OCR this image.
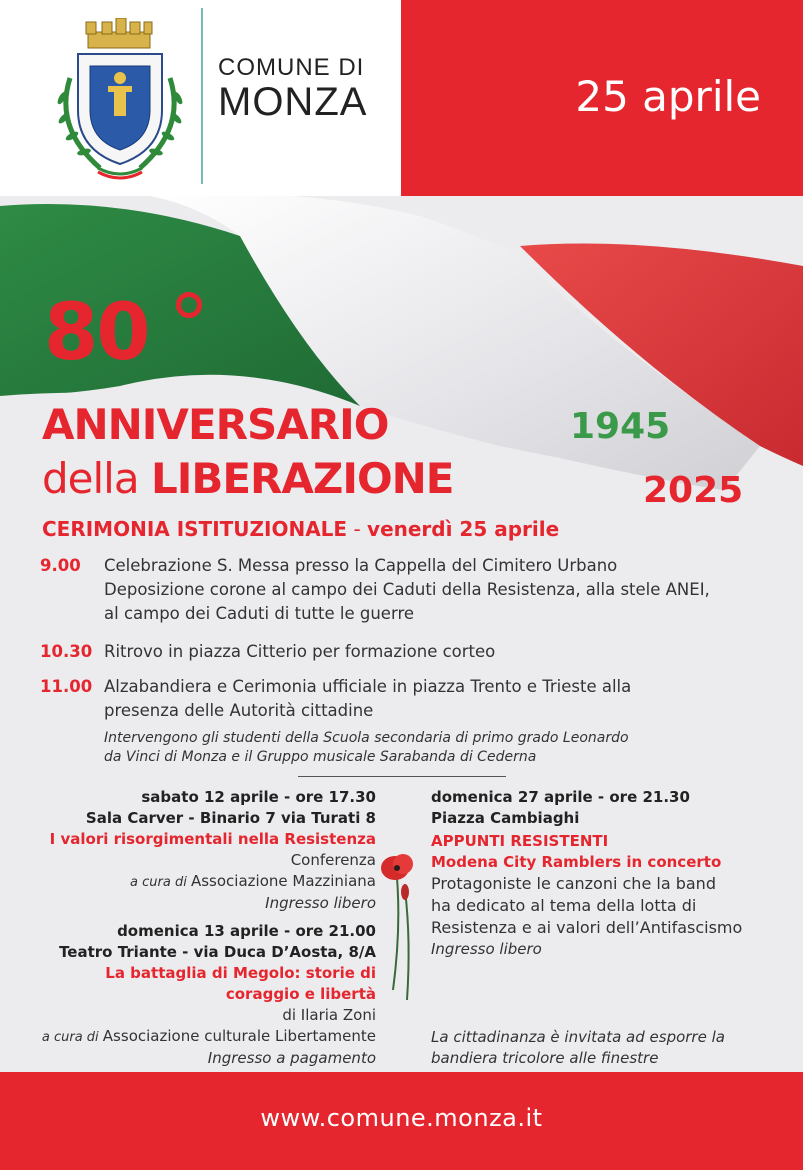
COMUNE DI
MONZA	25 aprile
80
ANNIVERSARIO
della LIBERAZIONE
1945
2025
CERIMONIA ISTITUZIONALE - venerdì 25 aprile
9.00 Celebrazione S. Messa presso la Cappella del Cimitero Urbano
Deposizione corone al campo dei Caduti della Resistenza, alla stele ANEI,
al campo dei Caduti di tutte le guerre
10.30 Ritrovo in piazza Citterio per formazione corteo
11.00 Alzabandiera e Cerimonia ufficiale in piazza Trento e Trieste alla
presenza delle Autorità cittadine
Intervengono gli studenti della Scuola secondaria di primo grado Leonardo
da Vinci di Monza e il Gruppo musicale Sarabanda di Cederna
sabato 12 aprile - ore 17.30
Sala Carver - Binario 7 via Turati 8
I valori risorgimentali nella Resistenza
Conferenza
a cura di Associazione Mazziniana
Ingresso libero
domenica 13 aprile - ore 21.00
Teatro Triante - via Duca D’Aosta, 8/A
La battaglia di Megolo: storie di
coraggio e libertà
di Ilaria Zoni
a cura di Associazione culturale Libertamente
Ingresso a pagamento
domenica 27 aprile - ore 21.30
Piazza Cambiaghi
APPUNTI RESISTENTI
Modena City Ramblers in concerto
Protagoniste le canzoni che la band
ha dedicato al tema della lotta di
Resistenza e ai valori dell’Antifascismo
Ingresso libero
La cittadinanza è invitata ad esporre la
bandiera tricolore alle finestre
www.comune.monza.it
